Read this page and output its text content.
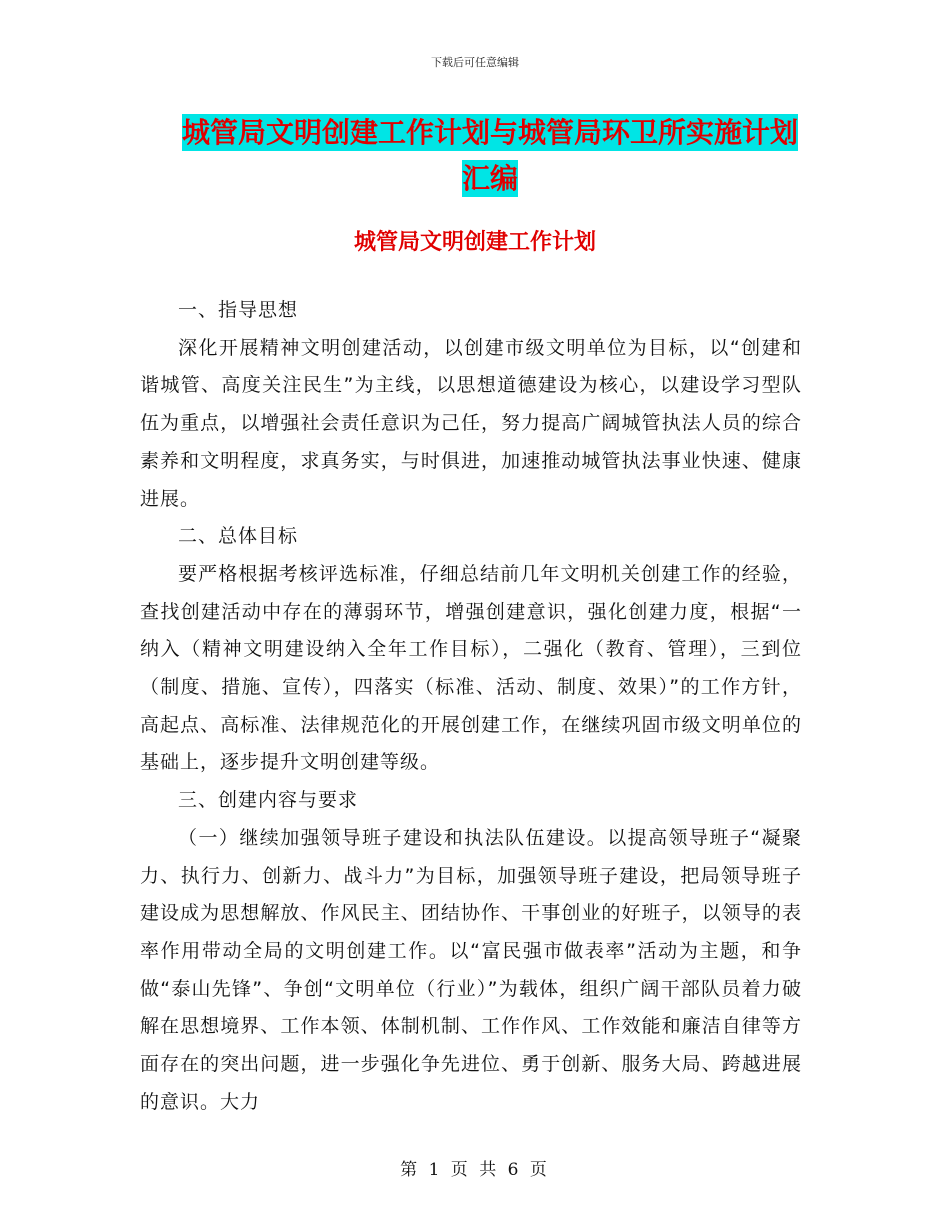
下载后可任意编辑
城管局文明创建工作计划与城管局环卫所实施计划汇编
城管局文明创建工作计划

一、指导思想

深化开展精神文明创建活动，以创建市级文明单位为目标，以“创建和谐城管、高度关注民生”为主线，以思想道德建设为核心，以建设学习型队伍为重点，以增强社会责任意识为己任，努力提高广阔城管执法人员的综合素养和文明程度，求真务实，与时俱进，加速推动城管执法事业快速、健康进展。

二、总体目标

要严格根据考核评选标准，仔细总结前几年文明机关创建工作的经验，查找创建活动中存在的薄弱环节，增强创建意识，强化创建力度，根据“一纳入（精神文明建设纳入全年工作目标），二强化（教育、管理），三到位（制度、措施、宣传），四落实（标准、活动、制度、效果）”的工作方针，高起点、高标准、法律规范化的开展创建工作，在继续巩固市级文明单位的基础上，逐步提升文明创建等级。

三、创建内容与要求

（一）继续加强领导班子建设和执法队伍建设。以提高领导班子“凝聚力、执行力、创新力、战斗力”为目标，加强领导班子建设，把局领导班子建设成为思想解放、作风民主、团结协作、干事创业的好班子，以领导的表率作用带动全局的文明创建工作。以“富民强市做表率”活动为主题，和争做“泰山先锋”、争创“文明单位（行业）”为载体，组织广阔干部队员着力破解在思想境界、工作本领、体制机制、工作作风、工作效能和廉洁自律等方面存在的突出问题，进一步强化争先进位、勇于创新、服务大局、跨越进展的意识。大力

第 1 页 共 6 页
